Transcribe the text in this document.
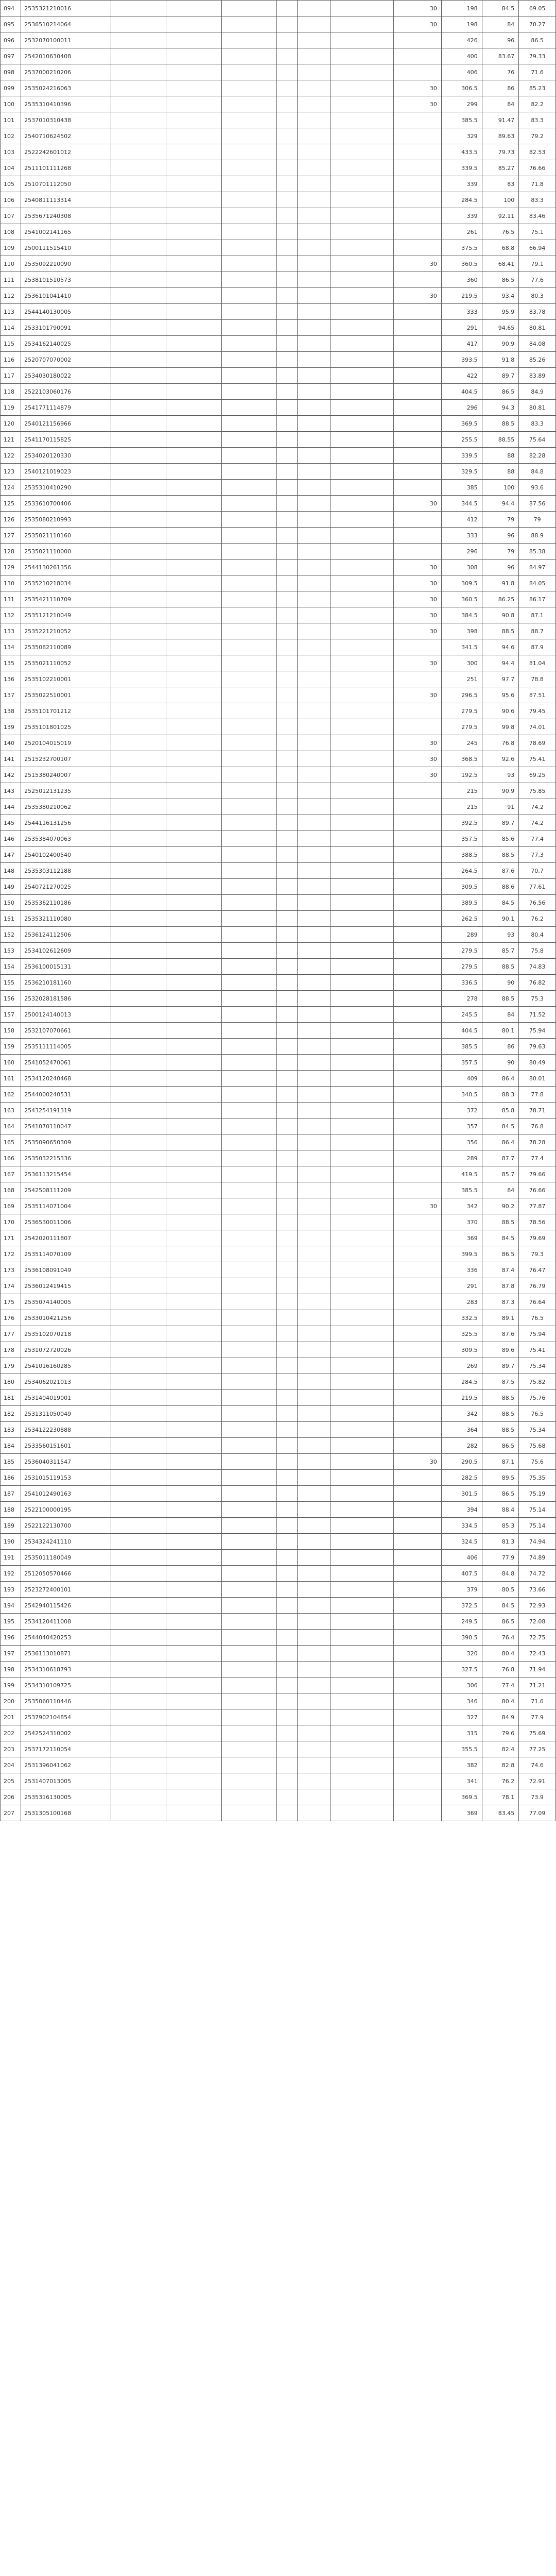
094	2535321210016							30	198	84.5	69.05
095	2536510214064							30	198	84	70.27
096	2532070100011								426	96	86.5
097	2542010630408								400	83.67	79.33
098	2537000210206								406	76	71.6
099	2535024216063							30	306.5	86	85.23
100	2535310410396							30	299	84	82.2
101	2537010310438								385.5	91.47	83.3
102	2540710624502								329	89.63	79.2
103	2522242601012								433.5	79.73	82.53
104	2511101111268								339.5	85.27	76.66
105	2510701112050								339	83	71.8
106	2540811113314								284.5	100	83.3
107	2535671240308								339	92.11	83.46
108	2541002141165								261	76.5	75.1
109	2500111515410								375.5	68.8	66.94
110	2535092210090							30	360.5	68.41	79.1
111	2538101510573								360	86.5	77.6
112	2536101041410							30	219.5	93.4	80.3
113	2544140130005								333	95.9	83.78
114	2533101790091								291	94.65	80.81
115	2534162140025								417	90.9	84.08
116	2520707070002								393.5	91.8	85.26
117	2534030180022								422	89.7	83.89
118	2522103060176								404.5	86.5	84.9
119	2541771114879								296	94.3	80.81
120	2540121156966								369.5	88.5	83.3
121	2541170115825								255.5	88.55	75.64
122	2534020120330								339.5	88	82.28
123	2540121019023								329.5	88	84.8
124	2535310410290								385	100	93.6
125	2533610700406							30	344.5	94.4	87.56
126	2535080210993								412	79	79
127	2535021110160								333	96	88.9
128	2535021110000								296	79	85.38
129	2544130261356							30	308	96	84.97
130	2535210218034							30	309.5	91.8	84.05
131	2535421110709							30	360.5	86.25	86.17
132	2535121210049							30	384.5	90.8	87.1
133	2535221210052							30	398	88.5	88.7
134	2535082110089								341.5	94.6	87.9
135	2535021110052							30	300	94.4	81.04
136	2535102210001								251	97.7	78.8
137	2535022510001							30	296.5	95.6	87.51
138	2535101701212								279.5	90.6	79.45
139	2535101801025								279.5	99.8	74.01
140	2520104015019							30	245	76.8	78.69
141	2515232700107							30	368.5	92.6	75.41
142	2515380240007							30	192.5	93	69.25
143	2525012131235								215	90.9	75.85
144	2535380210062								215	91	74.2
145	2544116131256								392.5	89.7	74.2
146	2535384070063								357.5	85.6	77.4
147	2540102400540								388.5	88.5	77.3
148	2535303112188								264.5	87.6	70.7
149	2540721270025								309.5	88.6	77.61
150	2535362110186								389.5	84.5	76.56
151	2535321110080								262.5	90.1	76.2
152	2536124112506								289	93	80.4
153	2534102612609								279.5	85.7	75.8
154	2536100015131								279.5	88.5	74.83
155	2536210181160								336.5	90	76.82
156	2532028181586								278	88.5	75.3
157	2500124140013								245.5	84	71.52
158	2532107070661								404.5	80.1	75.94
159	2535111114005								385.5	86	79.63
160	2541052470061								357.5	90	80.49
161	2534120240468								409	86.4	80.01
162	2544000240531								340.5	88.3	77.8
163	2543254191319								372	85.8	78.71
164	2541070110047								357	84.5	76.8
165	2535090650309								356	86.4	78.28
166	2535032215336								289	87.7	77.4
167	2536113215454								419.5	85.7	79.66
168	2542508111209								385.5	84	76.66
169	2535114071004							30	342	90.2	77.87
170	2536530011006								370	88.5	78.56
171	2542020111807								369	84.5	79.69
172	2535114070109								399.5	86.5	79.3
173	2536108091049								336	87.4	76.47
174	2536012419415								291	87.8	76.79
175	2535074140005								283	87.3	76.64
176	2533010421256								332.5	89.1	76.5
177	2535102070218								325.5	87.6	75.94
178	2531072720026								309.5	89.6	75.41
179	2541016160285								269	89.7	75.34
180	2534062021013								284.5	87.5	75.82
181	2531404019001								219.5	88.5	75.76
182	2531311050049								342	88.5	76.5
183	2534122230888								364	88.5	75.34
184	2533560151601								282	86.5	75.68
185	2536040311547							30	290.5	87.1	75.6
186	2531015119153								282.5	89.5	75.35
187	2541012490163								301.5	86.5	75.19
188	2522100000195								394	88.4	75.14
189	2522122130700								334.5	85.3	75.14
190	2534324241110								324.5	81.3	74.94
191	2535011180049								406	77.9	74.89
192	2512050570466								407.5	84.8	74.72
193	2523272400101								379	80.5	73.66
194	2542940115426								372.5	84.5	72.93
195	2534120411008								249.5	86.5	72.08
196	2544040420253								390.5	76.4	72.75
197	2536113010871								320	80.4	72.43
198	2534310618793								327.5	76.8	71.94
199	2534310109725								306	77.4	71.21
200	2535060110446								346	80.4	71.6
201	2537902104854								327	84.9	77.9
202	2542524310002								315	79.6	75.69
203	2537172110054								355.5	82.4	77.25
204	2531396041062								382	82.8	74.6
205	2531407013005								341	76.2	72.91
206	2535316130005								369.5	78.1	73.9
207	2531305100168								369	83.45	77.09
